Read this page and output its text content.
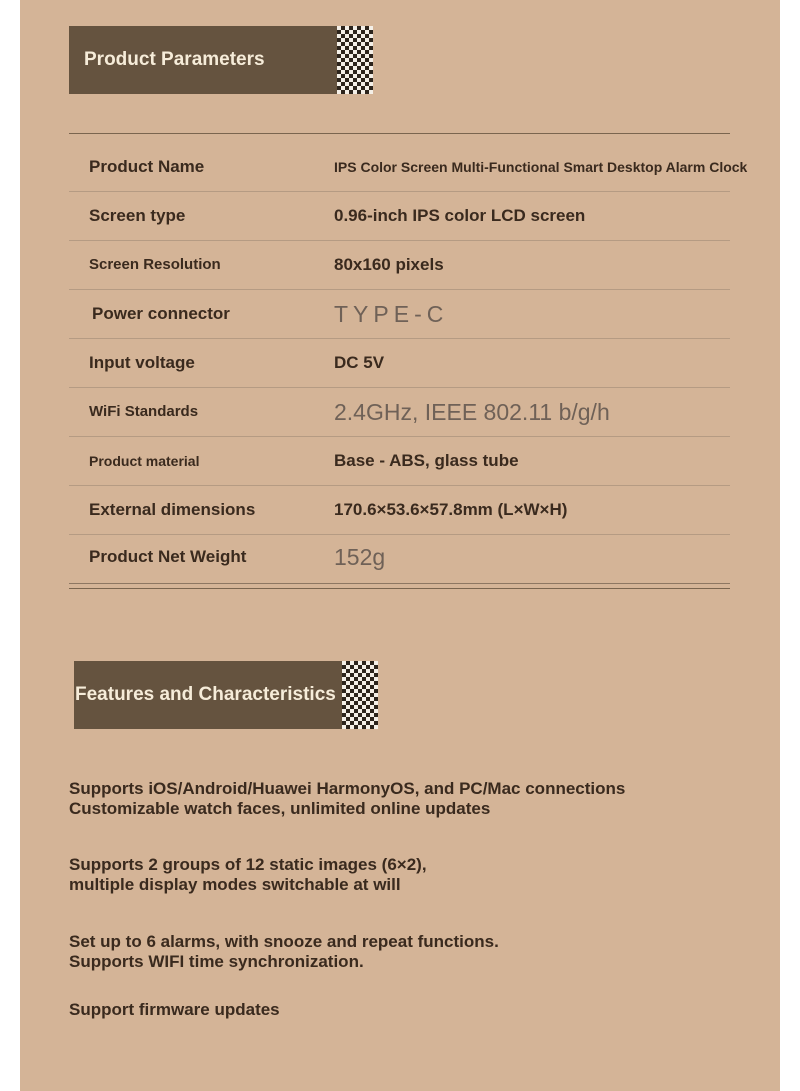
Product Parameters
Product Name	IPS Color Screen Multi-Functional Smart Desktop Alarm Clock
Screen type	0.96-inch IPS color LCD screen
Screen Resolution	80x160 pixels
Power connector	TYPE-C
Input voltage	DC 5V
WiFi Standards	2.4GHz, IEEE 802.11 b/g/h
Product material	Base - ABS, glass tube
External dimensions	170.6×53.6×57.8mm (L×W×H)
Product Net Weight	152g
Features and Characteristics
Supports iOS/Android/Huawei HarmonyOS, and PC/Mac connections
Customizable watch faces, unlimited online updates
Supports 2 groups of 12 static images (6×2),
multiple display modes switchable at will
Set up to 6 alarms, with snooze and repeat functions.
Supports WIFI time synchronization.
Support firmware updates
